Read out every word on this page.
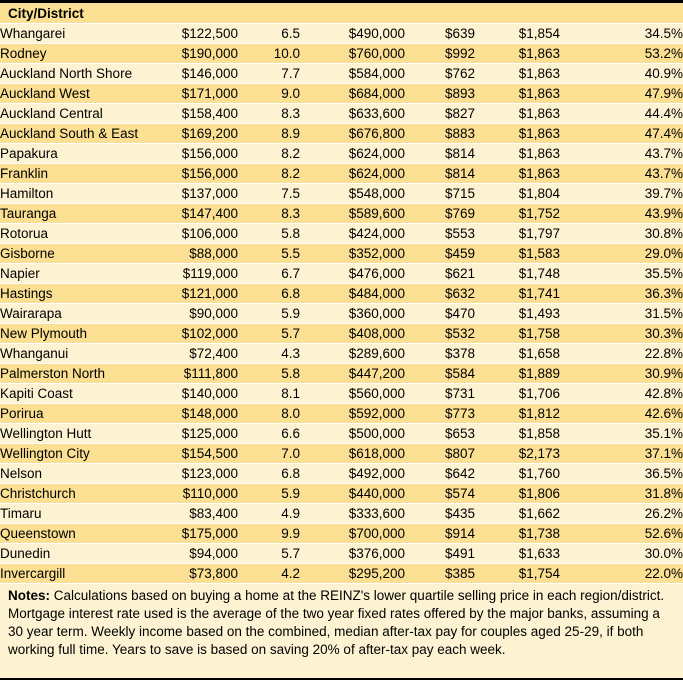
City/District						
Whangarei	$122,500	6.5	$490,000	$639	$1,854	34.5%
Rodney	$190,000	10.0	$760,000	$992	$1,863	53.2%
Auckland North Shore	$146,000	7.7	$584,000	$762	$1,863	40.9%
Auckland West	$171,000	9.0	$684,000	$893	$1,863	47.9%
Auckland Central	$158,400	8.3	$633,600	$827	$1,863	44.4%
Auckland South & East	$169,200	8.9	$676,800	$883	$1,863	47.4%
Papakura	$156,000	8.2	$624,000	$814	$1,863	43.7%
Franklin	$156,000	8.2	$624,000	$814	$1,863	43.7%
Hamilton	$137,000	7.5	$548,000	$715	$1,804	39.7%
Tauranga	$147,400	8.3	$589,600	$769	$1,752	43.9%
Rotorua	$106,000	5.8	$424,000	$553	$1,797	30.8%
Gisborne	$88,000	5.5	$352,000	$459	$1,583	29.0%
Napier	$119,000	6.7	$476,000	$621	$1,748	35.5%
Hastings	$121,000	6.8	$484,000	$632	$1,741	36.3%
Wairarapa	$90,000	5.9	$360,000	$470	$1,493	31.5%
New Plymouth	$102,000	5.7	$408,000	$532	$1,758	30.3%
Whanganui	$72,400	4.3	$289,600	$378	$1,658	22.8%
Palmerston North	$111,800	5.8	$447,200	$584	$1,889	30.9%
Kapiti Coast	$140,000	8.1	$560,000	$731	$1,706	42.8%
Porirua	$148,000	8.0	$592,000	$773	$1,812	42.6%
Wellington Hutt	$125,000	6.6	$500,000	$653	$1,858	35.1%
Wellington City	$154,500	7.0	$618,000	$807	$2,173	37.1%
Nelson	$123,000	6.8	$492,000	$642	$1,760	36.5%
Christchurch	$110,000	5.9	$440,000	$574	$1,806	31.8%
Timaru	$83,400	4.9	$333,600	$435	$1,662	26.2%
Queenstown	$175,000	9.9	$700,000	$914	$1,738	52.6%
Dunedin	$94,000	5.7	$376,000	$491	$1,633	30.0%
Invercargill	$73,800	4.2	$295,200	$385	$1,754	22.0%
Notes: Calculations based on buying a home at the REINZ's lower quartile selling price in each region/district. Mortgage interest rate used is the average of the two year fixed rates offered by the major banks, assuming a 30 year term. Weekly income based on the combined, median after-tax pay for couples aged 25-29, if both working full time. Years to save is based on saving 20% of after-tax pay each week.
